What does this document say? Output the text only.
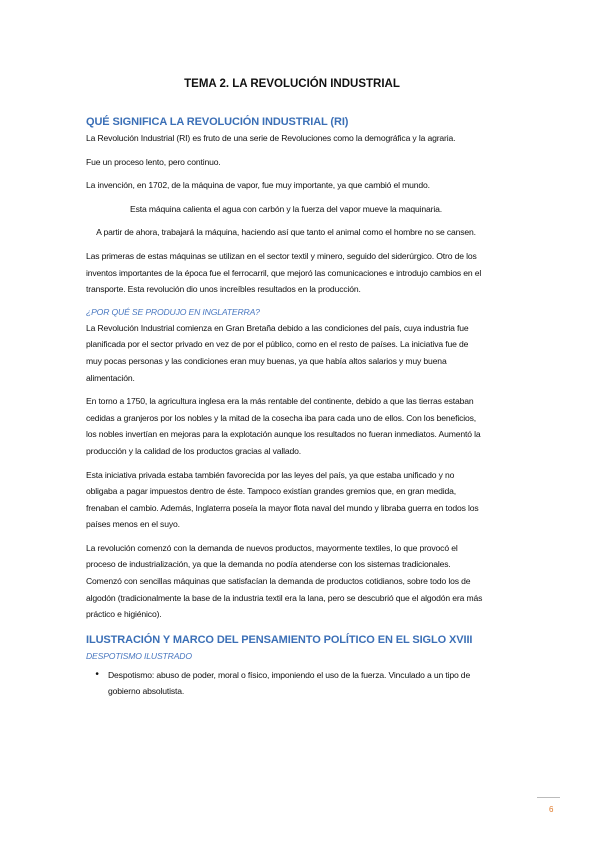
TEMA 2. LA REVOLUCIÓN INDUSTRIAL
QUÉ SIGNIFICA LA REVOLUCIÓN INDUSTRIAL (RI)

La Revolución Industrial (RI) es fruto de una serie de Revoluciones como la demográfica y la agraria.

Fue un proceso lento, pero continuo.

La invención, en 1702, de la máquina de vapor, fue muy importante, ya que cambió el mundo.

Esta máquina calienta el agua con carbón y la fuerza del vapor mueve la maquinaria.

A partir de ahora, trabajará la máquina, haciendo así que tanto el animal como el hombre no se cansen.

Las primeras de estas máquinas se utilizan en el sector textil y minero, seguido del siderúrgico. Otro de los inventos importantes de la época fue el ferrocarril, que mejoró las comunicaciones e introdujo cambios en el transporte. Esta revolución dio unos increíbles resultados en la producción.

¿POR QUÉ SE PRODUJO EN INGLATERRA?

La Revolución Industrial comienza en Gran Bretaña debido a las condiciones del país, cuya industria fue planificada por el sector privado en vez de por el público, como en el resto de países. La iniciativa fue de muy pocas personas y las condiciones eran muy buenas, ya que había altos salarios y muy buena alimentación.

En torno a 1750, la agricultura inglesa era la más rentable del continente, debido a que las tierras estaban cedidas a granjeros por los nobles y la mitad de la cosecha iba para cada uno de ellos. Con los beneficios, los nobles invertían en mejoras para la explotación aunque los resultados no fueran inmediatos. Aumentó la producción y la calidad de los productos gracias al vallado.

Esta iniciativa privada estaba también favorecida por las leyes del país, ya que estaba unificado y no obligaba a pagar impuestos dentro de éste. Tampoco existían grandes gremios que, en gran medida, frenaban el cambio. Además, Inglaterra poseía la mayor flota naval del mundo y libraba guerra en todos los países menos en el suyo.

La revolución comenzó con la demanda de nuevos productos, mayormente textiles, lo que provocó el proceso de industrialización, ya que la demanda no podía atenderse con los sistemas tradicionales. Comenzó con sencillas máquinas que satisfacían la demanda de productos cotidianos, sobre todo los de algodón (tradicionalmente la base de la industria textil era la lana, pero se descubrió que el algodón era más práctico e higiénico).

ILUSTRACIÓN Y MARCO DEL PENSAMIENTO POLÍTICO EN EL SIGLO XVIII
DESPOTISMO ILUSTRADO
•	Despotismo: abuso de poder, moral o físico, imponiendo el uso de la fuerza. Vinculado a un tipo de gobierno absolutista.
6
